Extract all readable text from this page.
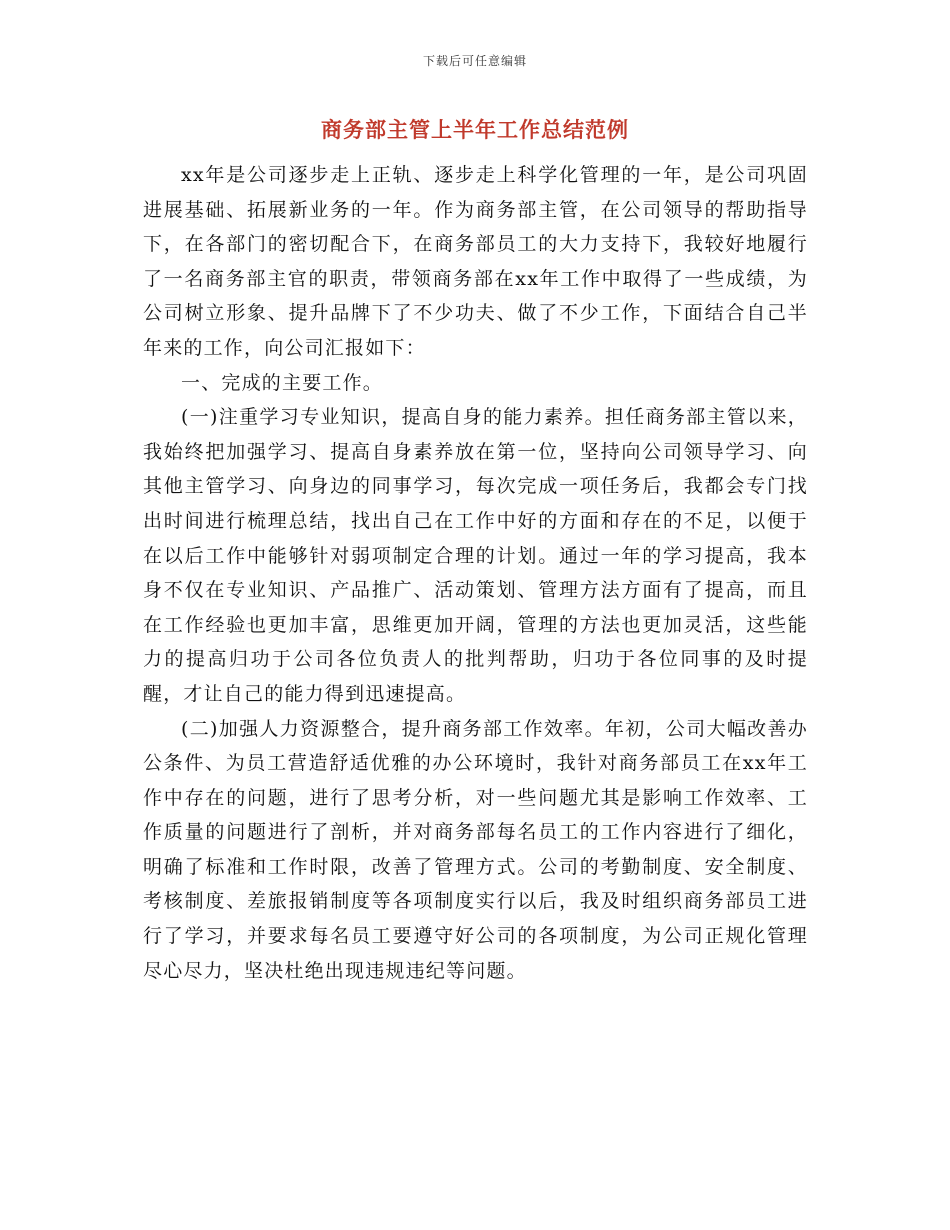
下载后可任意编辑
商务部主管上半年工作总结范例

xx年是公司逐步走上正轨、逐步走上科学化管理的一年，是公司巩固进展基础、拓展新业务的一年。作为商务部主管，在公司领导的帮助指导下，在各部门的密切配合下，在商务部员工的大力支持下，我较好地履行了一名商务部主官的职责，带领商务部在xx年工作中取得了一些成绩，为公司树立形象、提升品牌下了不少功夫、做了不少工作，下面结合自己半年来的工作，向公司汇报如下：

一、完成的主要工作。

(一)注重学习专业知识，提高自身的能力素养。担任商务部主管以来，我始终把加强学习、提高自身素养放在第一位，坚持向公司领导学习、向其他主管学习、向身边的同事学习，每次完成一项任务后，我都会专门找出时间进行梳理总结，找出自己在工作中好的方面和存在的不足，以便于在以后工作中能够针对弱项制定合理的计划。通过一年的学习提高，我本身不仅在专业知识、产品推广、活动策划、管理方法方面有了提高，而且在工作经验也更加丰富，思维更加开阔，管理的方法也更加灵活，这些能力的提高归功于公司各位负责人的批判帮助，归功于各位同事的及时提醒，才让自己的能力得到迅速提高。

(二)加强人力资源整合，提升商务部工作效率。年初，公司大幅改善办公条件、为员工营造舒适优雅的办公环境时，我针对商务部员工在xx年工作中存在的问题，进行了思考分析，对一些问题尤其是影响工作效率、工作质量的问题进行了剖析，并对商务部每名员工的工作内容进行了细化，明确了标准和工作时限，改善了管理方式。公司的考勤制度、安全制度、考核制度、差旅报销制度等各项制度实行以后，我及时组织商务部员工进行了学习，并要求每名员工要遵守好公司的各项制度，为公司正规化管理尽心尽力，坚决杜绝出现违规违纪等问题。
